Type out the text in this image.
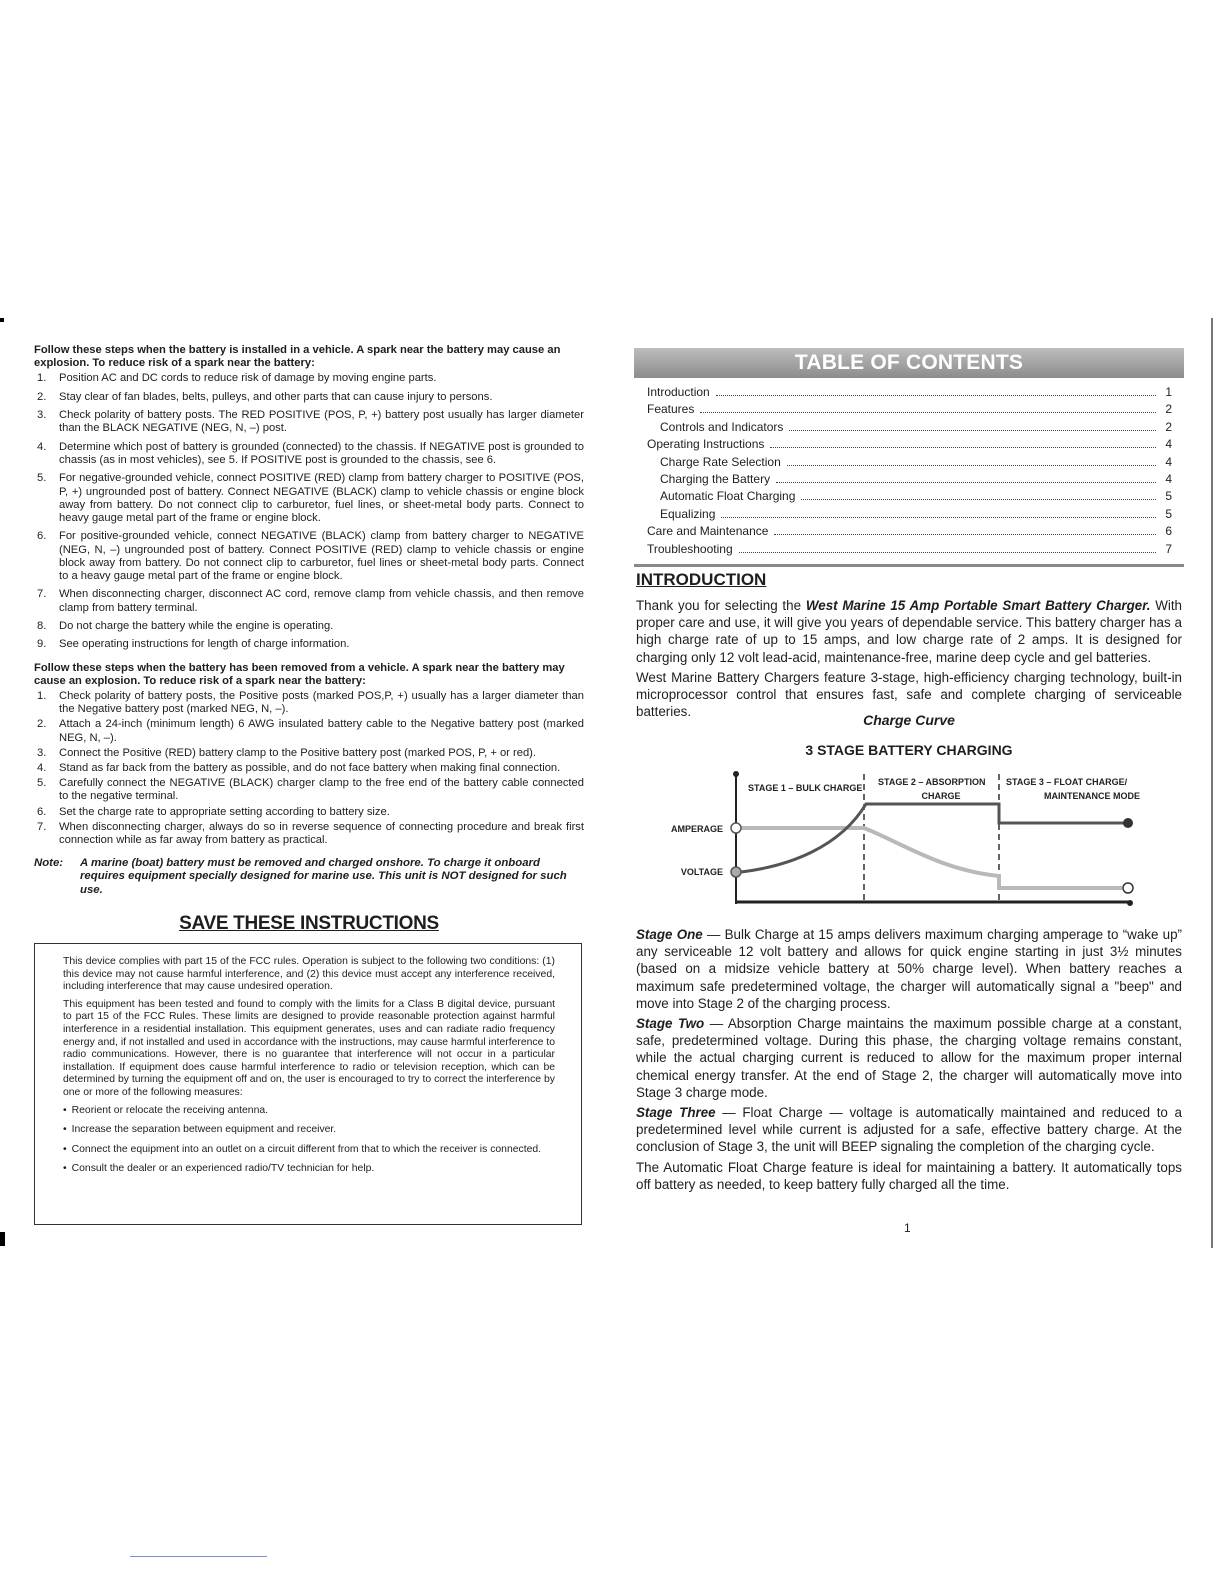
Follow these steps when the battery is installed in a vehicle. A spark near the battery may cause an explosion. To reduce risk of a spark near the battery:
1.	Position AC and DC cords to reduce risk of damage by moving engine parts.
2.	Stay clear of fan blades, belts, pulleys, and other parts that can cause injury to persons.
3.	Check polarity of battery posts. The RED POSITIVE (POS, P, +) battery post usually has larger diameter than the BLACK NEGATIVE (NEG, N, –) post.
4.	Determine which post of battery is grounded (connected) to the chassis. If NEGATIVE post is grounded to chassis (as in most vehicles), see 5. If POSITIVE post is grounded to the chassis, see 6.
5.	For negative-grounded vehicle, connect POSITIVE (RED) clamp from battery charger to POSITIVE (POS, P, +) ungrounded post of battery. Connect NEGATIVE (BLACK) clamp to vehicle chassis or engine block away from battery. Do not connect clip to carburetor, fuel lines, or sheet-metal body parts. Connect to heavy gauge metal part of the frame or engine block.
6.	For positive-grounded vehicle, connect NEGATIVE (BLACK) clamp from battery charger to NEGATIVE (NEG, N, –) ungrounded post of battery. Connect POSITIVE (RED) clamp to vehicle chassis or engine block away from battery. Do not connect clip to carburetor, fuel lines or sheet-metal body parts. Connect to a heavy gauge metal part of the frame or engine block.
7.	When disconnecting charger, disconnect AC cord, remove clamp from vehicle chassis, and then remove clamp from battery terminal.
8.	Do not charge the battery while the engine is operating.
9.	See operating instructions for length of charge information.
Follow these steps when the battery has been removed from a vehicle. A spark near the battery may cause an explosion. To reduce risk of a spark near the battery:
1.	Check polarity of battery posts, the Positive posts (marked POS,P, +) usually has a larger diameter than the Negative battery post (marked NEG, N, –).
2.	Attach a 24-inch (minimum length) 6 AWG insulated battery cable to the Negative battery post (marked NEG, N, –).
3.	Connect the Positive (RED) battery clamp to the Positive battery post (marked POS, P, + or red).
4.	Stand as far back from the battery as possible, and do not face battery when making final connection.
5.	Carefully connect the NEGATIVE (BLACK) charger clamp to the free end of the battery cable connected to the negative terminal.
6.	Set the charge rate to appropriate setting according to battery size.
7.	When disconnecting charger, always do so in reverse sequence of connecting procedure and break first connection while as far away from battery as practical.
Note:	A marine (boat) battery must be removed and charged onshore. To charge it onboard requires equipment specially designed for marine use. This unit is NOT designed for such use.
SAVE THESE INSTRUCTIONS

This device complies with part 15 of the FCC rules. Operation is subject to the following two conditions: (1) this device may not cause harmful interference, and (2) this device must accept any interference received, including interference that may cause undesired operation.

This equipment has been tested and found to comply with the limits for a Class B digital device, pursuant to part 15 of the FCC Rules. These limits are designed to provide reasonable protection against harmful interference in a residential installation. This equipment generates, uses and can radiate radio frequency energy and, if not installed and used in accordance with the instructions, may cause harmful interference to radio communications. However, there is no guarantee that interference will not occur in a particular installation. If equipment does cause harmful interference to radio or television reception, which can be determined by turning the equipment off and on, the user is encouraged to try to correct the interference by one or more of the following measures:

• Reorient or relocate the receiving antenna.
• Increase the separation between equipment and receiver.
• Connect the equipment into an outlet on a circuit different from that to which the receiver is connected.
• Consult the dealer or an experienced radio/TV technician for help.
TABLE OF CONTENTS
Introduction	1
Features	2
Controls and Indicators	2
Operating Instructions	4
Charge Rate Selection	4
Charging the Battery	4
Automatic Float Charging	5
Equalizing	5
Care and Maintenance	6
Troubleshooting	7
INTRODUCTION

Thank you for selecting the West Marine 15 Amp Portable Smart Battery Charger. With proper care and use, it will give you years of dependable service. This battery charger has a high charge rate of up to 15 amps, and low charge rate of 2 amps. It is designed for charging only 12 volt lead-acid, maintenance-free, marine deep cycle and gel batteries.

West Marine Battery Chargers feature 3-stage, high-efficiency charging technology, built-in microprocessor control that ensures fast, safe and complete charging of serviceable batteries.

Charge Curve
3 STAGE BATTERY CHARGING
STAGE 1 – BULK CHARGE
STAGE 2 – ABSORPTION
CHARGE
STAGE 3 – FLOAT CHARGE/
MAINTENANCE MODE
AMPERAGE
VOLTAGE

Stage One — Bulk Charge at 15 amps delivers maximum charging amperage to “wake up” any serviceable 12 volt battery and allows for quick engine starting in just 3½ minutes (based on a midsize vehicle battery at 50% charge level). When battery reaches a maximum safe predetermined voltage, the charger will automatically signal a "beep" and move into Stage 2 of the charging process.

Stage Two — Absorption Charge maintains the maximum possible charge at a constant, safe, predetermined voltage. During this phase, the charging voltage remains constant, while the actual charging current is reduced to allow for the maximum proper internal chemical energy transfer. At the end of Stage 2, the charger will automatically move into Stage 3 charge mode.

Stage Three — Float Charge — voltage is automatically maintained and reduced to a predetermined level while current is adjusted for a safe, effective battery charge. At the conclusion of Stage 3, the unit will BEEP signaling the completion of the charging cycle.

The Automatic Float Charge feature is ideal for maintaining a battery. It automatically tops off battery as needed, to keep battery fully charged all the time.

1
